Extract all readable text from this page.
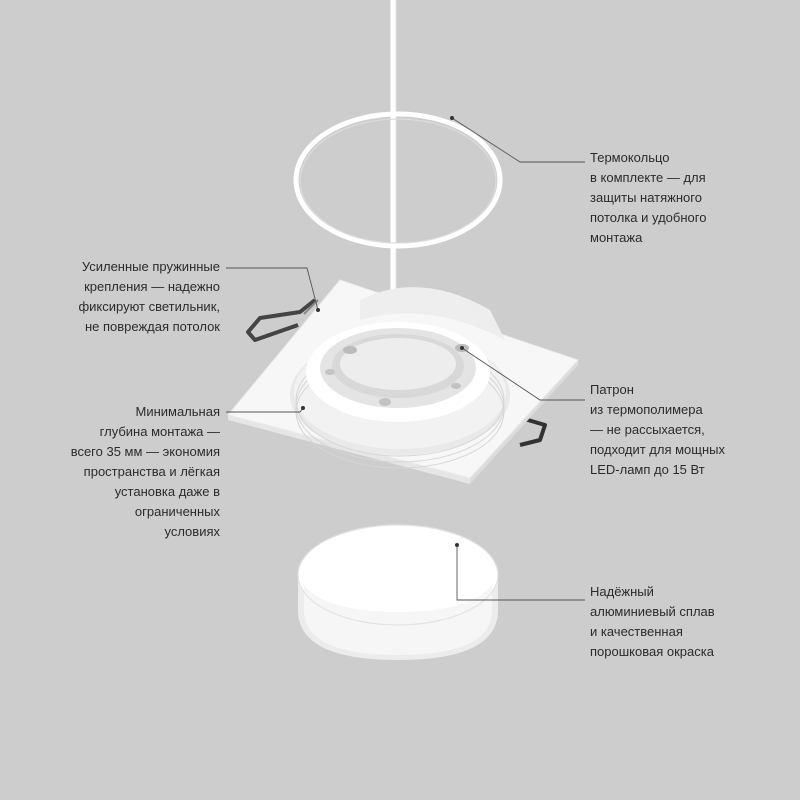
Термокольцо
в комплекте — для
защиты натяжного
потолка и удобного
монтажа
Усиленные пружинные
крепления — надежно
фиксируют светильник,
не повреждая потолок
Минимальная
глубина монтажа —
всего 35 мм — экономия
пространства и лёгкая
установка даже в
ограниченных
условиях
Патрон
из термополимера
— не рассыхается,
подходит для мощных
LED-ламп до 15 Вт
Надёжный
алюминиевый сплав
и качественная
порошковая окраска
